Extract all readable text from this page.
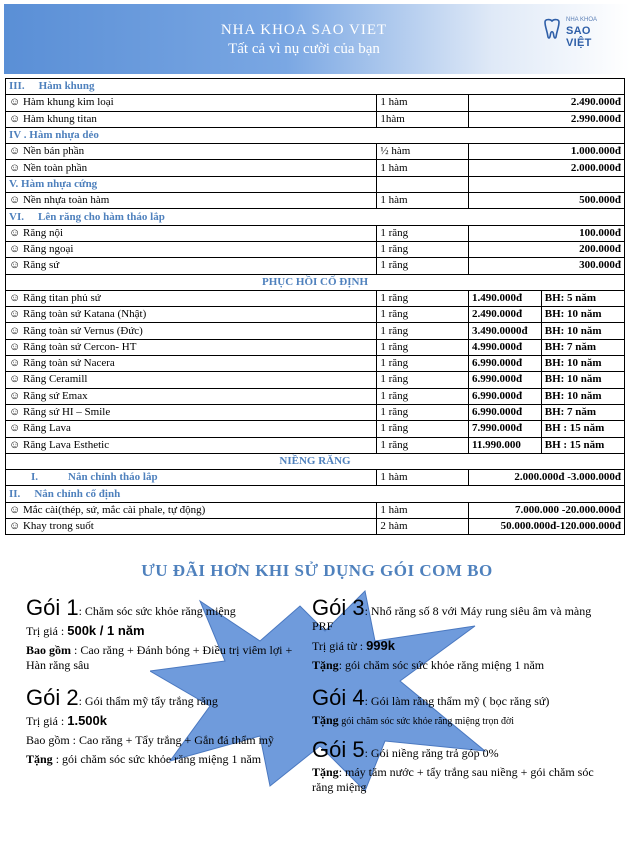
NHA KHOA SAO VIET
Tất cả vì nụ cười của bạn
NHA KHOA
SAO VIỆT
III. Hàm khung			
☺ Hàm khung kim loại	1 hàm	2.490.000đ	
☺ Hàm khung titan	1hàm	2.990.000đ	
IV . Hàm nhựa dẻo			
☺ Nền bán phần	½ hàm	1.000.000đ	
☺ Nền toàn phần	1 hàm	2.000.000đ	
V. Hàm nhựa cứng			
☺ Nền nhựa toàn hàm	1 hàm	500.000đ	
VI. Lên răng cho hàm tháo lắp			
☺ Răng nội	1 răng	100.000đ	
☺ Răng ngoại	1 răng	200.000đ	
☺ Răng sứ	1 răng	300.000đ	
PHỤC HỒI CỐ ĐỊNH			
☺ Răng titan phủ sứ	1 răng	1.490.000đ	BH: 5 năm
☺ Răng toàn sứ Katana (Nhật)	1 răng	2.490.000đ	BH: 10 năm
☺ Răng toàn sứ Vernus (Đức)	1 răng	3.490.0000đ	BH: 10 năm
☺ Răng toàn sứ Cercon- HT	1 răng	4.990.000đ	BH: 7 năm
☺ Răng toàn sứ Nacera	1 răng	6.990.000đ	BH: 10 năm
☺ Răng Ceramill	1 răng	6.990.000đ	BH: 10 năm
☺ Răng sứ Emax	1 răng	6.990.000đ	BH: 10 năm
☺ Răng sứ HI – Smile	1 răng	6.990.000đ	BH: 7 năm
☺ Răng Lava	1 răng	7.990.000đ	BH : 15 năm
☺ Răng Lava Esthetic	1 răng	11.990.000	BH : 15 năm
NIỀNG RĂNG			
I. Nắn chỉnh tháo lắp	1 hàm	2.000.000đ -3.000.000đ	
II. Nắn chỉnh cố định			
☺ Mắc cài(thép, sứ, mắc cài phale, tự động)	1 hàm	7.000.000 -20.000.000đ	
☺ Khay trong suốt	2 hàm	50.000.000đ-120.000.000đ	
ƯU ĐÃI HƠN KHI SỬ DỤNG GÓI COM BO
Gói 1: Chăm sóc sức khỏe răng miệng
Trị giá : 500k / 1 năm
Bao gồm : Cao răng + Đánh bóng + Điều trị viêm lợi + Hàn răng sâu
Gói 2: Gói thẩm mỹ tẩy trắng răng
Trị giá : 1.500k
Bao gồm : Cao răng + Tẩy trắng + Gắn đá thẩm mỹ
Tặng : gói chăm sóc sức khỏe răng miệng 1 năm
Gói 3: Nhổ răng số 8 với Máy rung siêu âm và màng PRF
Trị giá từ : 999k
Tặng: gói chăm sóc sức khỏe răng miệng 1 năm
Gói 4: Gói làm răng thẩm mỹ ( bọc răng sứ)
Tặng gói chăm sóc sức khỏe răng miệng trọn đời
Gói 5: Gói niềng răng trả góp 0%
Tặng: máy tăm nước + tẩy trắng sau niềng + gói chăm sóc răng miệng
